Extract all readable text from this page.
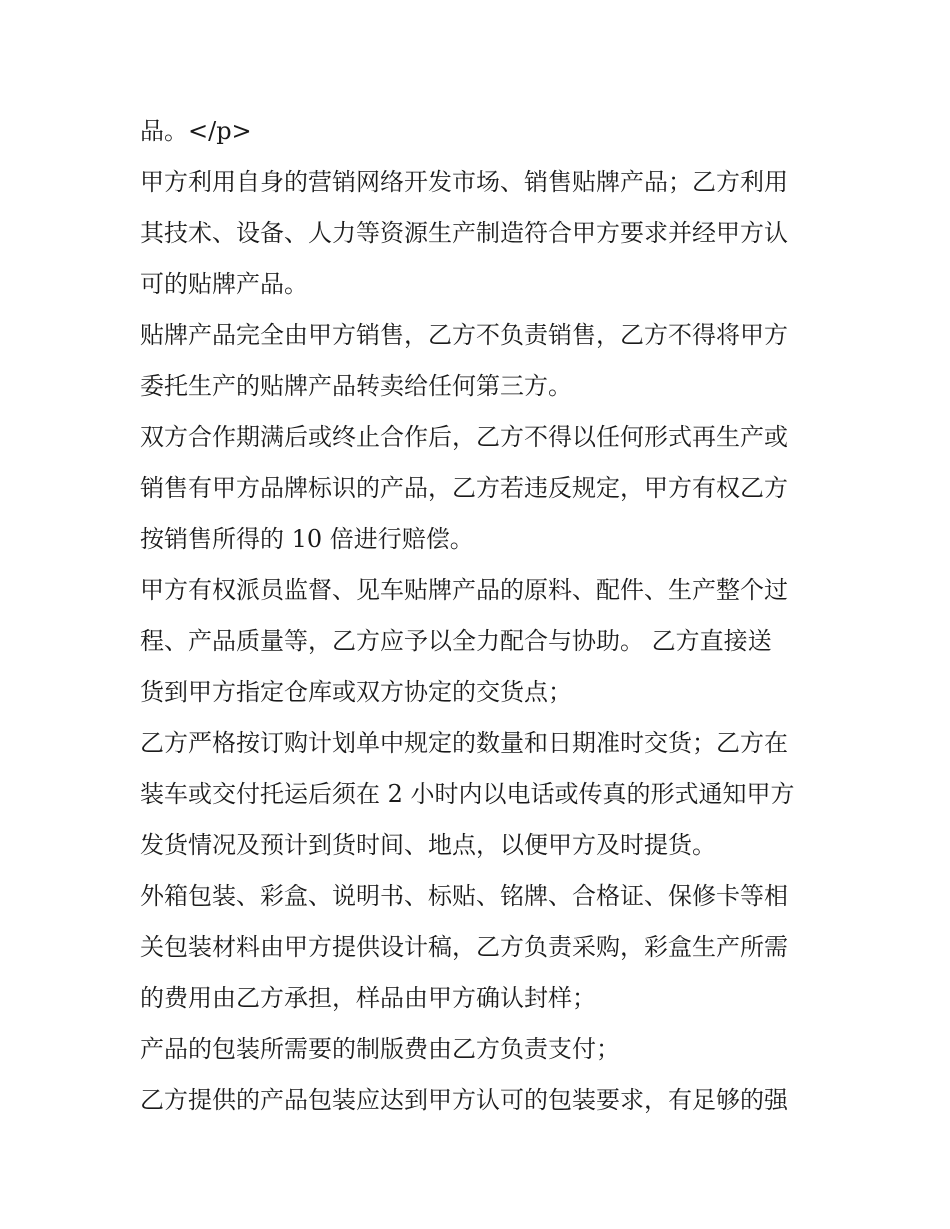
品。</p>

甲方利用自身的营销网络开发市场、销售贴牌产品；乙方利用
其技术、设备、人力等资源生产制造符合甲方要求并经甲方认
可的贴牌产品。

贴牌产品完全由甲方销售，乙方不负责销售，乙方不得将甲方
委托生产的贴牌产品转卖给任何第三方。

双方合作期满后或终止合作后，乙方不得以任何形式再生产或
销售有甲方品牌标识的产品，乙方若违反规定，甲方有权乙方
按销售所得的 10 倍进行赔偿。

甲方有权派员监督、见车贴牌产品的原料、配件、生产整个过
程、产品质量等，乙方应予以全力配合与协助。 乙方直接送
货到甲方指定仓库或双方协定的交货点；

乙方严格按订购计划单中规定的数量和日期准时交货；乙方在
装车或交付托运后须在 2 小时内以电话或传真的形式通知甲方
发货情况及预计到货时间、地点，以便甲方及时提货。

外箱包装、彩盒、说明书、标贴、铭牌、合格证、保修卡等相
关包装材料由甲方提供设计稿，乙方负责采购，彩盒生产所需
的费用由乙方承担，样品由甲方确认封样；

产品的包装所需要的制版费由乙方负责支付；

乙方提供的产品包装应达到甲方认可的包装要求，有足够的强
